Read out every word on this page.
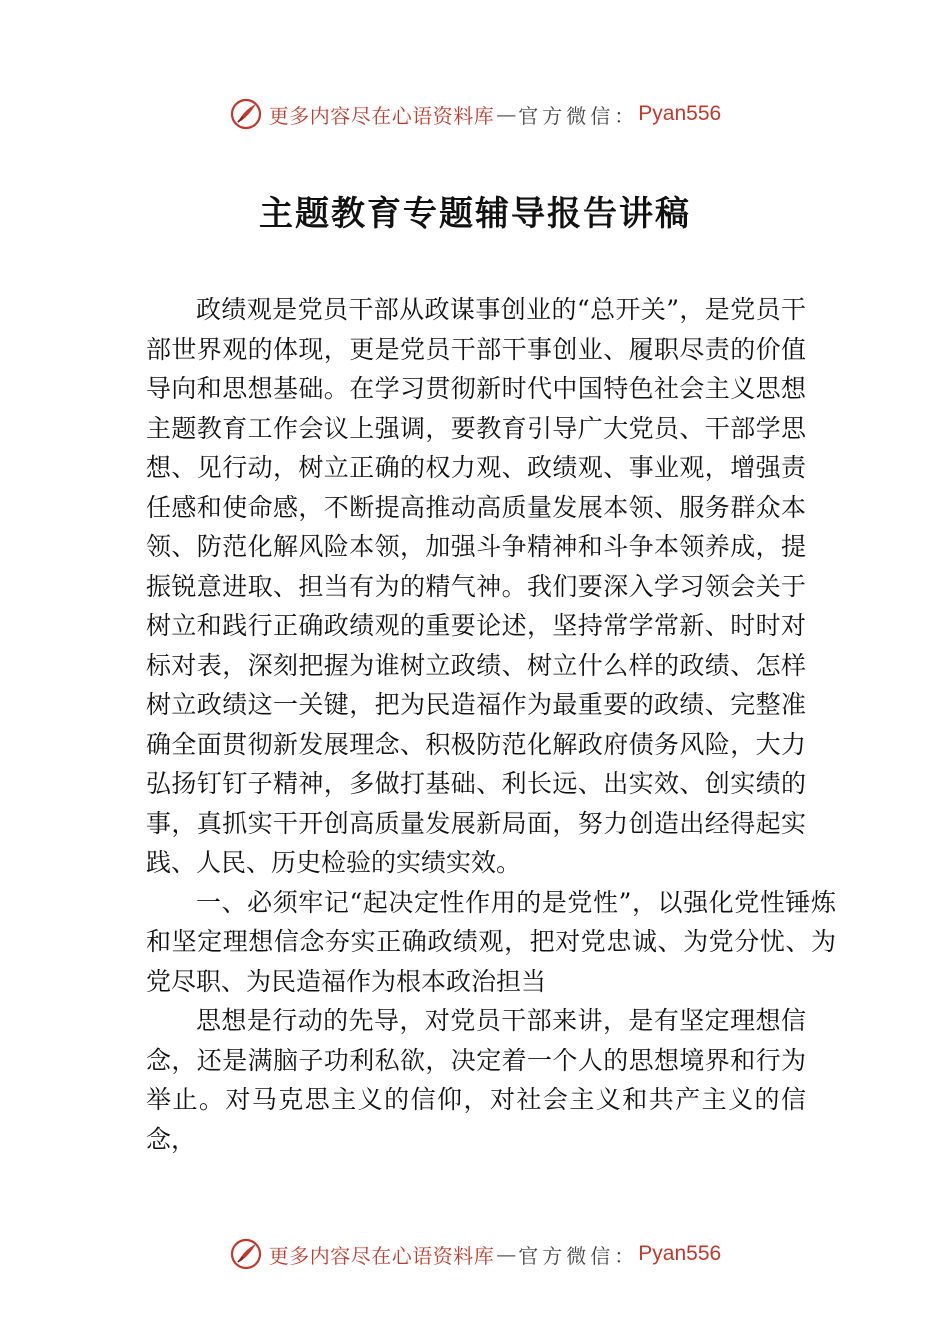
更多内容尽在心语资料库 — 官方微信： Pyan556
主题教育专题辅导报告讲稿

政绩观是党员干部从政谋事创业的“总开关”，是党员干部世界观的体现，更是党员干部干事创业、履职尽责的价值导向和思想基础。在学习贯彻新时代中国特色社会主义思想主题教育工作会议上强调，要教育引导广大党员、干部学思想、见行动，树立正确的权力观、政绩观、事业观，增强责任感和使命感，不断提高推动高质量发展本领、服务群众本领、防范化解风险本领，加强斗争精神和斗争本领养成，提振锐意进取、担当有为的精气神。我们要深入学习领会关于树立和践行正确政绩观的重要论述，坚持常学常新、时时对标对表，深刻把握为谁树立政绩、树立什么样的政绩、怎样树立政绩这一关键，把为民造福作为最重要的政绩、完整准确全面贯彻新发展理念、积极防范化解政府债务风险，大力弘扬钉钉子精神，多做打基础、利长远、出实效、创实绩的事，真抓实干开创高质量发展新局面，努力创造出经得起实践、人民、历史检验的实绩实效。

一、必须牢记“起决定性作用的是党性”，以强化党性锤炼和坚定理想信念夯实正确政绩观，把对党忠诚、为党分忧、为党尽职、为民造福作为根本政治担当

思想是行动的先导，对党员干部来讲，是有坚定理想信念，还是满脑子功利私欲，决定着一个人的思想境界和行为举止。对马克思主义的信仰，对社会主义和共产主义的信念，

更多内容尽在心语资料库 — 官方微信： Pyan556
